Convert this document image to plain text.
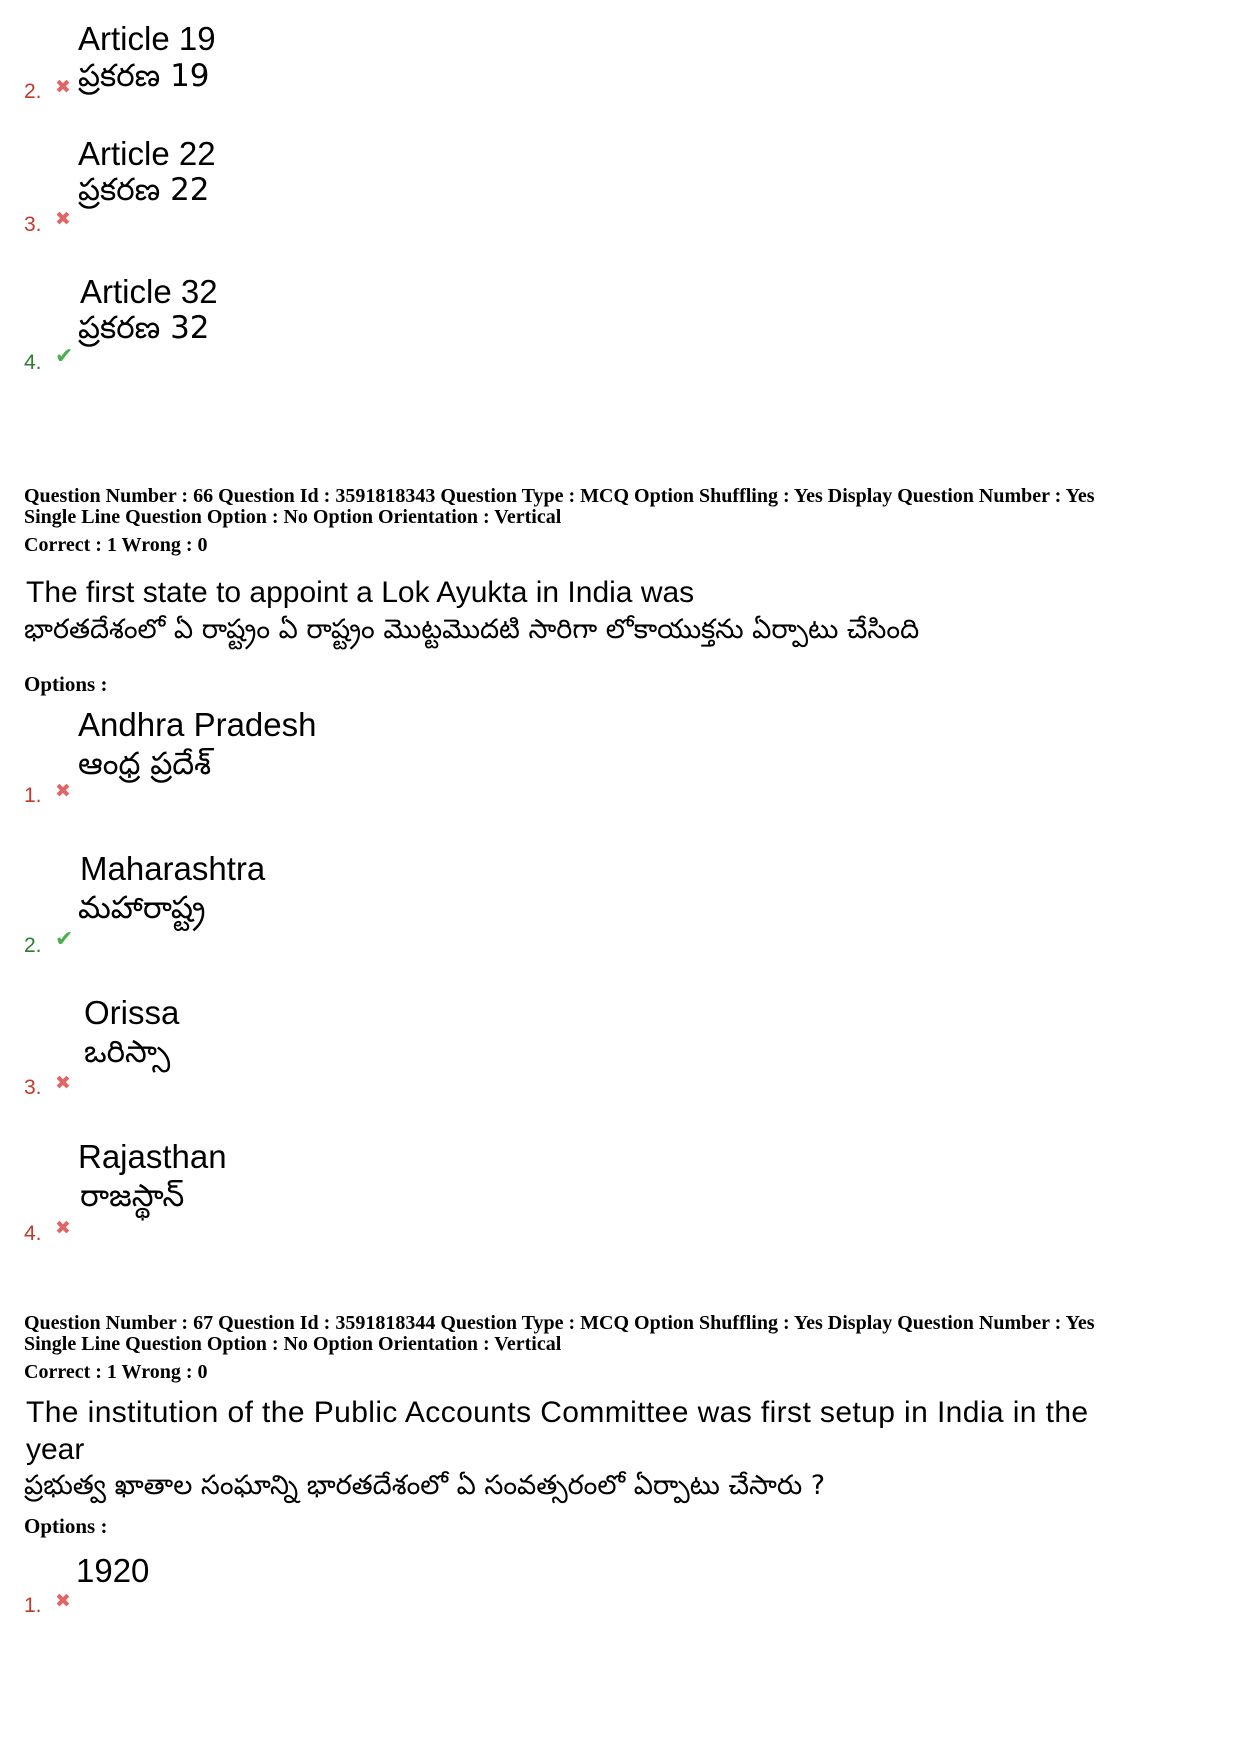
Article 19
ప్రకరణ 19
2. ✖
Article 22
ప్రకరణ 22
3. ✖
Article 32
ప్రకరణ 32
4. ✔
Question Number : 66 Question Id : 3591818343 Question Type : MCQ Option Shuffling : Yes Display Question Number : Yes
Single Line Question Option : No Option Orientation : Vertical
Correct : 1 Wrong : 0
The first state to appoint a Lok Ayukta in India was
భారతదేశంలో ఏ రాష్ట్రం ఏ రాష్ట్రం మొట్టమొదటి సారిగా లోకాయుక్తను ఏర్పాటు చేసింది
Options :
Andhra Pradesh
ఆంధ్ర ప్రదేశ్
1. ✖
Maharashtra
మహారాష్ట్ర
2. ✔
Orissa
ఒరిస్సా
3. ✖
Rajasthan
రాజస్థాన్
4. ✖
Question Number : 67 Question Id : 3591818344 Question Type : MCQ Option Shuffling : Yes Display Question Number : Yes
Single Line Question Option : No Option Orientation : Vertical
Correct : 1 Wrong : 0
The institution of the Public Accounts Committee was first setup in India in the
year
ప్రభుత్వ ఖాతాల సంఘాన్ని భారతదేశంలో ఏ సంవత్సరంలో ఏర్పాటు చేసారు ?
Options :
1920
1. ✖
